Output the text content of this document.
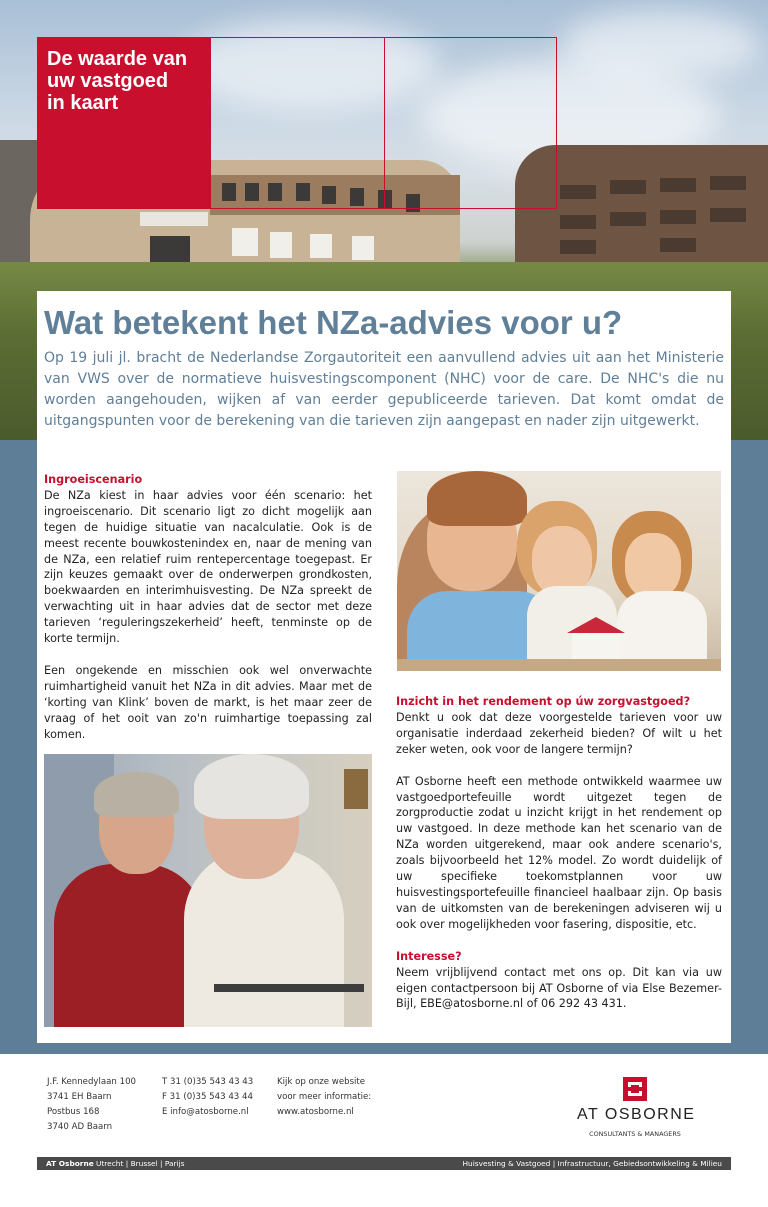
De waarde van

uw vastgoed

in kaart

Wat betekent het NZa-advies voor u?

Op 19 juli jl. bracht de Nederlandse Zorgautoriteit een aanvullend advies uit aan het Ministerie van VWS over de normatieve huisvestingscomponent (NHC) voor de care. De NHC's die nu worden aangehouden, wijken af van eerder gepubliceerde tarieven. Dat komt omdat de uitgangspunten voor de berekening van die tarieven zijn aangepast en nader zijn uitgewerkt.

Ingroeiscenario
De NZa kiest in haar advies voor één scenario: het ingroeiscenario. Dit scenario ligt zo dicht mogelijk aan tegen de huidige situatie van nacalculatie. Ook is de meest recente bouwkostenindex en, naar de mening van de NZa, een relatief ruim rentepercentage toegepast. Er zijn keuzes gemaakt over de onderwerpen grondkosten, boekwaarden en interimhuisvesting. De NZa spreekt de verwachting uit in haar advies dat de sector met deze tarieven ‘reguleringszekerheid’ heeft, tenminste op de korte termijn.

Een ongekende en misschien ook wel onverwachte ruimhartigheid vanuit het NZa in dit advies. Maar met de ‘korting van Klink’ boven de markt, is het maar zeer de vraag of het ooit van zo'n ruimhartige toepassing zal komen.

Inzicht in het rendement op úw zorgvastgoed?
Denkt u ook dat deze voorgestelde tarieven voor uw organisatie inderdaad zekerheid bieden? Of wilt u het zeker weten, ook voor de langere termijn?

AT Osborne heeft een methode ontwikkeld waarmee uw vastgoedportefeuille wordt uitgezet tegen de zorgproductie zodat u inzicht krijgt in het rendement op uw vastgoed. In deze methode kan het scenario van de NZa worden uitgerekend, maar ook andere scenario's, zoals bijvoorbeeld het 12% model. Zo wordt duidelijk of uw specifieke toekomstplannen voor uw huisvestingsportefeuille financieel haalbaar zijn. Op basis van de uitkomsten van de berekeningen adviseren wij u ook over mogelijkheden voor fasering, dispositie, etc.

Interesse?
Neem vrijblijvend contact met ons op. Dit kan via uw eigen contactpersoon bij AT Osborne of via Else Bezemer-Bijl, EBE@atosborne.nl of 06 292 43 431.

J.F. Kennedylaan 100
3741 EH Baarn
Postbus 168
3740 AD Baarn
T 31 (0)35 543 43 43
F 31 (0)35 543 43 44
E info@atosborne.nl
Kijk op onze website
voor meer informatie:
www.atosborne.nl	AT OSBORNE
CONSULTANTS & MANAGERS
AT Osborne Utrecht | Brussel | Parijs	Huisvesting & Vastgoed | Infrastructuur, Gebiedsontwikkeling & Milieu
